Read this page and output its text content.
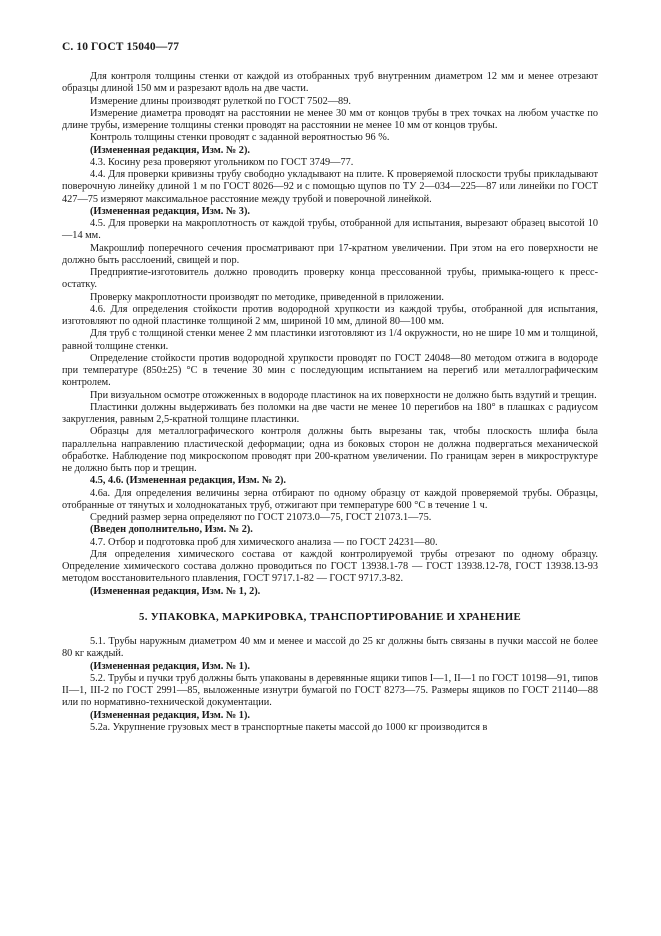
С. 10 ГОСТ 15040—77

Для контроля толщины стенки от каждой из отобранных труб внутренним диаметром 12 мм и менее отрезают образцы длиной 150 мм и разрезают вдоль на две части.

Измерение длины производят рулеткой по ГОСТ 7502—89.

Измерение диаметра проводят на расстоянии не менее 30 мм от концов трубы в трех точках на любом участке по длине трубы, измерение толщины стенки проводят на расстоянии не менее 10 мм от концов трубы.

Контроль толщины стенки проводят с заданной вероятностью 96 %.

(Измененная редакция, Изм. № 2).

4.3. Косину реза проверяют угольником по ГОСТ 3749—77.

4.4. Для проверки кривизны трубу свободно укладывают на плите. К проверяемой плоскости трубы прикладывают поверочную линейку длиной 1 м по ГОСТ 8026—92 и с помощью щупов по ТУ 2—034—225—87 или линейки по ГОСТ 427—75 измеряют максимальное расстояние между трубой и поверочной линейкой.

(Измененная редакция, Изм. № 3).

4.5. Для проверки на макроплотность от каждой трубы, отобранной для испытания, вырезают образец высотой 10—14 мм.

Макрошлиф поперечного сечения просматривают при 17-кратном увеличении. При этом на его поверхности не должно быть расслоений, свищей и пор.

Предприятие-изготовитель должно проводить проверку конца прессованной трубы, примыка-ющего к пресс-остатку.

Проверку макроплотности производят по методике, приведенной в приложении.

4.6. Для определения стойкости против водородной хрупкости из каждой трубы, отобранной для испытания, изготовляют по одной пластинке толщиной 2 мм, шириной 10 мм, длиной 80—100 мм.

Для труб с толщиной стенки менее 2 мм пластинки изготовляют из 1/4 окружности, но не шире 10 мм и толщиной, равной толщине стенки.

Определение стойкости против водородной хрупкости проводят по ГОСТ 24048—80 методом отжига в водороде при температуре (850±25) °С в течение 30 мин с последующим испытанием на перегиб или металлографическим контролем.

При визуальном осмотре отожженных в водороде пластинок на их поверхности не должно быть вздутий и трещин.

Пластинки должны выдерживать без поломки на две части не менее 10 перегибов на 180° в плашках с радиусом закругления, равным 2,5-кратной толщине пластинки.

Образцы для металлографического контроля должны быть вырезаны так, чтобы плоскость шлифа была параллельна направлению пластической деформации; одна из боковых сторон не должна подвергаться механической обработке. Наблюдение под микроскопом проводят при 200-кратном увеличении. По границам зерен в микроструктуре не должно быть пор и трещин.

4.5, 4.6. (Измененная редакция, Изм. № 2).

4.6а. Для определения величины зерна отбирают по одному образцу от каждой проверяемой трубы. Образцы, отобранные от тянутых и холоднокатаных труб, отжигают при температуре 600 °С в течение 1 ч.

Средний размер зерна определяют по ГОСТ 21073.0—75, ГОСТ 21073.1—75.

(Введен дополнительно, Изм. № 2).

4.7. Отбор и подготовка проб для химического анализа — по ГОСТ 24231—80.

Для определения химического состава от каждой контролируемой трубы отрезают по одному образцу. Определение химического состава должно проводиться по ГОСТ 13938.1-78 — ГОСТ 13938.12-78, ГОСТ 13938.13-93 методом восстановительного плавления, ГОСТ 9717.1-82 — ГОСТ 9717.3-82.

(Измененная редакция, Изм. № 1, 2).

5. УПАКОВКА, МАРКИРОВКА, ТРАНСПОРТИРОВАНИЕ И ХРАНЕНИЕ

5.1. Трубы наружным диаметром 40 мм и менее и массой до 25 кг должны быть связаны в пучки массой не более 80 кг каждый.

(Измененная редакция, Изм. № 1).

5.2. Трубы и пучки труб должны быть упакованы в деревянные ящики типов I—1, II—1 по ГОСТ 10198—91, типов II—1, III-2 по ГОСТ 2991—85, выложенные изнутри бумагой по ГОСТ 8273—75. Размеры ящиков по ГОСТ 21140—88 или по нормативно-технической документации.

(Измененная редакция, Изм. № 1).

5.2а. Укрупнение грузовых мест в транспортные пакеты массой до 1000 кг производится в
